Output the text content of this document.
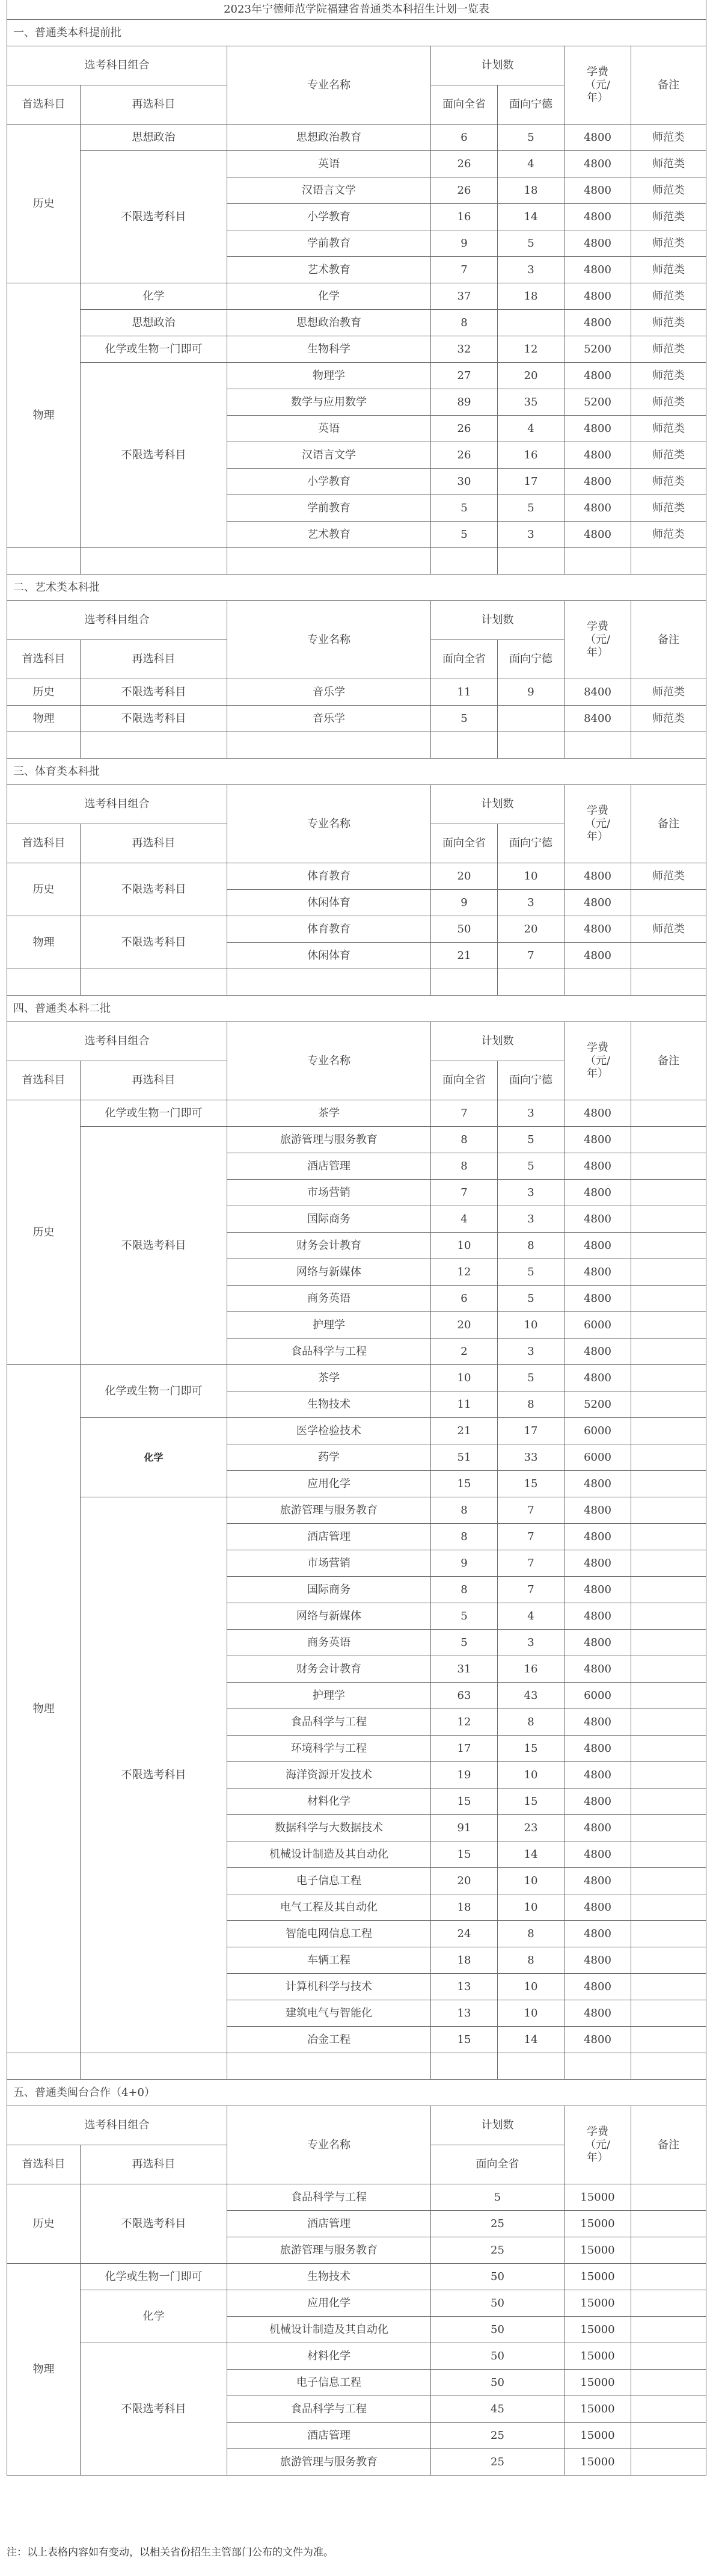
2023年宁德师范学院福建省普通类本科招生计划一览表						
一、普通类本科提前批						
选考科目组合		专业名称	计划数		学费
（元/
年）	备注
首选科目	再选科目		面向全省	面向宁德		
历史	思想政治	思想政治教育	6	5	4800	师范类
	不限选考科目	英语	26	4	4800	师范类
		汉语言文学	26	18	4800	师范类
		小学教育	16	14	4800	师范类
		学前教育	9	5	4800	师范类
		艺术教育	7	3	4800	师范类
物理	化学	化学	37	18	4800	师范类
	思想政治	思想政治教育	8		4800	师范类
	化学或生物一门即可	生物科学	32	12	5200	师范类
	不限选考科目	物理学	27	20	4800	师范类
		数学与应用数学	89	35	5200	师范类
		英语	26	4	4800	师范类
		汉语言文学	26	16	4800	师范类
		小学教育	30	17	4800	师范类
		学前教育	5	5	4800	师范类
		艺术教育	5	3	4800	师范类

二、艺术类本科批						
选考科目组合		专业名称	计划数		学费
（元/
年）	备注
首选科目	再选科目		面向全省	面向宁德		
历史	不限选考科目	音乐学	11	9	8400	师范类
物理	不限选考科目	音乐学	5		8400	师范类

三、体育类本科批						
选考科目组合		专业名称	计划数		学费
（元/
年）	备注
首选科目	再选科目		面向全省	面向宁德		
历史	不限选考科目	体育教育	20	10	4800	师范类
		休闲体育	9	3	4800	
物理	不限选考科目	体育教育	50	20	4800	师范类
		休闲体育	21	7	4800	

四、普通类本科二批						
选考科目组合		专业名称	计划数		学费
（元/
年）	备注
首选科目	再选科目		面向全省	面向宁德		
历史	化学或生物一门即可	茶学	7	3	4800	
	不限选考科目	旅游管理与服务教育	8	5	4800	
		酒店管理	8	5	4800	
		市场营销	7	3	4800	
		国际商务	4	3	4800	
		财务会计教育	10	8	4800	
		网络与新媒体	12	5	4800	
		商务英语	6	5	4800	
		护理学	20	10	6000	
		食品科学与工程	2	3	4800	
物理	化学或生物一门即可	茶学	10	5	4800	
		生物技术	11	8	5200	
	化学	医学检验技术	21	17	6000	
		药学	51	33	6000	
		应用化学	15	15	4800	
	不限选考科目	旅游管理与服务教育	8	7	4800	
		酒店管理	8	7	4800	
		市场营销	9	7	4800	
		国际商务	8	7	4800	
		网络与新媒体	5	4	4800	
		商务英语	5	3	4800	
		财务会计教育	31	16	4800	
		护理学	63	43	6000	
		食品科学与工程	12	8	4800	
		环境科学与工程	17	15	4800	
		海洋资源开发技术	19	10	4800	
		材料化学	15	15	4800	
		数据科学与大数据技术	91	23	4800	
		机械设计制造及其自动化	15	14	4800	
		电子信息工程	20	10	4800	
		电气工程及其自动化	18	10	4800	
		智能电网信息工程	24	8	4800	
		车辆工程	18	8	4800	
		计算机科学与技术	13	10	4800	
		建筑电气与智能化	13	10	4800	
		冶金工程	15	14	4800	

五、普通类闽台合作（4+0）						
选考科目组合		专业名称	计划数		学费
（元/
年）	备注
首选科目	再选科目		面向全省			
历史	不限选考科目	食品科学与工程	5		15000	
		酒店管理	25		15000	
		旅游管理与服务教育	25		15000	
物理	化学或生物一门即可	生物技术	50		15000	
	化学	应用化学	50		15000	
		机械设计制造及其自动化	50		15000	
	不限选考科目	材料化学	50		15000	
		电子信息工程	50		15000	
		食品科学与工程	45		15000	
		酒店管理	25		15000	
		旅游管理与服务教育	25		15000	
注：以上表格内容如有变动，以相关省份招生主管部门公布的文件为准。
